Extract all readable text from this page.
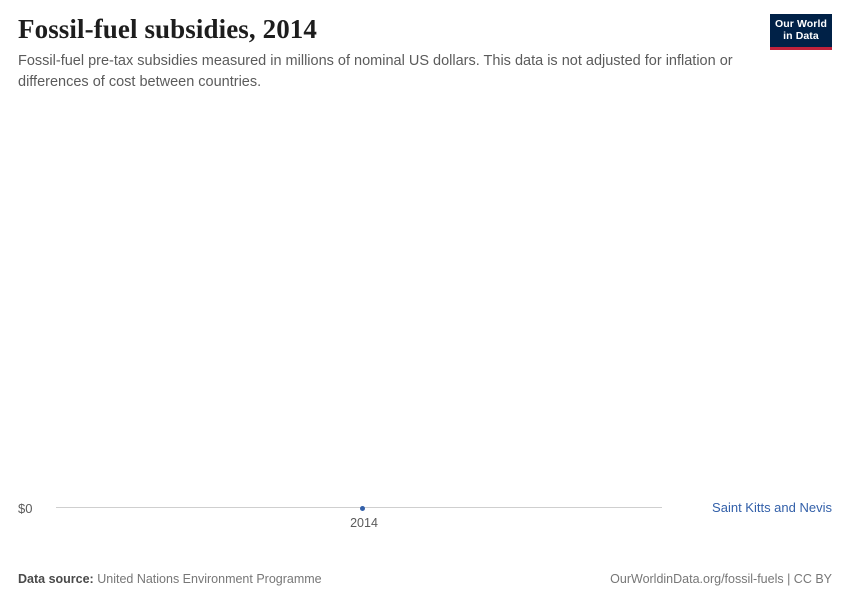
Fossil-fuel subsidies, 2014

Fossil-fuel pre-tax subsidies measured in millions of nominal US dollars. This data is not adjusted for inflation or differences of cost between countries.

Our World
in Data
$0
2014
Saint Kitts and Nevis
Data source: United Nations Environment Programme	OurWorldinData.org/fossil-fuels | CC BY
